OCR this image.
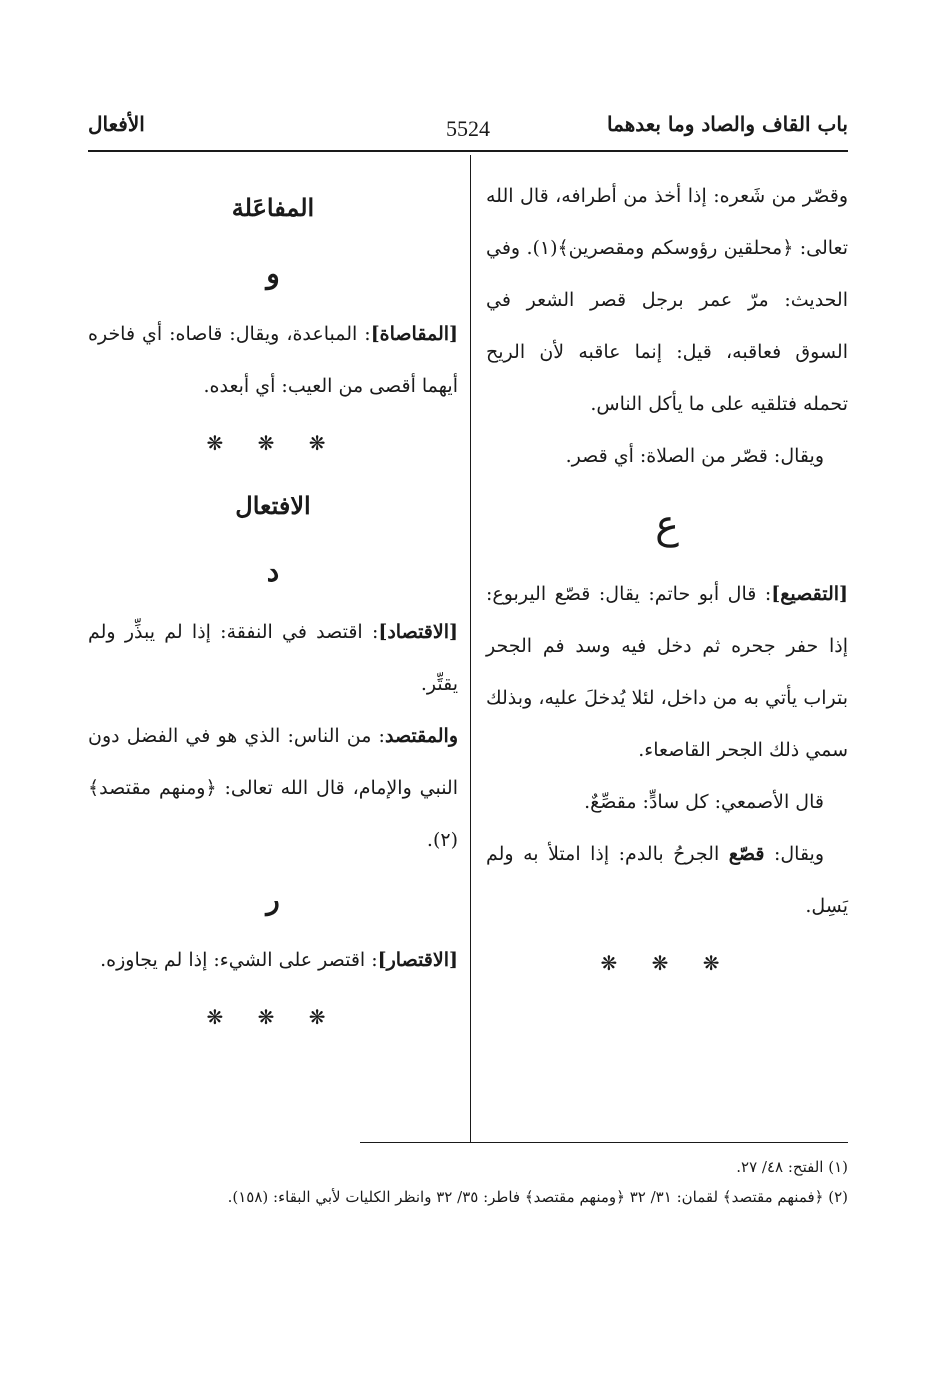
باب القاف والصاد وما بعدهما
5524
الأفعال

وقصّر من شَعره: إذا أخذ من أطرافه، قال الله تعالى: ﴿محلقين رؤوسكم ومقصرين﴾(١). وفي الحديث: مرّ عمر برجل قصر الشعر في السوق فعاقبه، قيل: إنما عاقبه لأن الريح تحمله فتلقيه على ما يأكل الناس.

ويقال: قصّر من الصلاة: أي قصر.

ع

[التقصيع]: قال أبو حاتم: يقال: قصّع اليربوع: إذا حفر جحره ثم دخل فيه وسد فم الجحر بتراب يأتي به من داخل، لئلا يُدخلَ عليه، وبذلك سمي ذلك الجحر القاصعاء.

قال الأصمعي: كل سادٍّ: مقصِّعٌ.

ويقال: قصّع الجرحُ بالدم: إذا امتلأ به ولم يَسِل.

❋ ❋ ❋
المفاعَلة
و

[المقاصاة]: المباعدة، ويقال: قاصاه: أي فاخره أيهما أقصى من العيب: أي أبعده.

❋ ❋ ❋
الافتعال
د

[الاقتصاد]: اقتصد في النفقة: إذا لم يبذِّر ولم يقتِّر.

والمقتصد: من الناس: الذي هو في الفضل دون النبي والإمام، قال الله تعالى: ﴿ومنهم مقتصد﴾(٢).

ر

[الاقتصار]: اقتصر على الشيء: إذا لم يجاوزه.

❋ ❋ ❋

(١) الفتح: ٤٨/ ٢٧.

(٢) ﴿فمنهم مقتصد﴾ لقمان: ٣١/ ٣٢ ﴿ومنهم مقتصد﴾ فاطر: ٣٥/ ٣٢ وانظر الكليات لأبي البقاء: (١٥٨).
